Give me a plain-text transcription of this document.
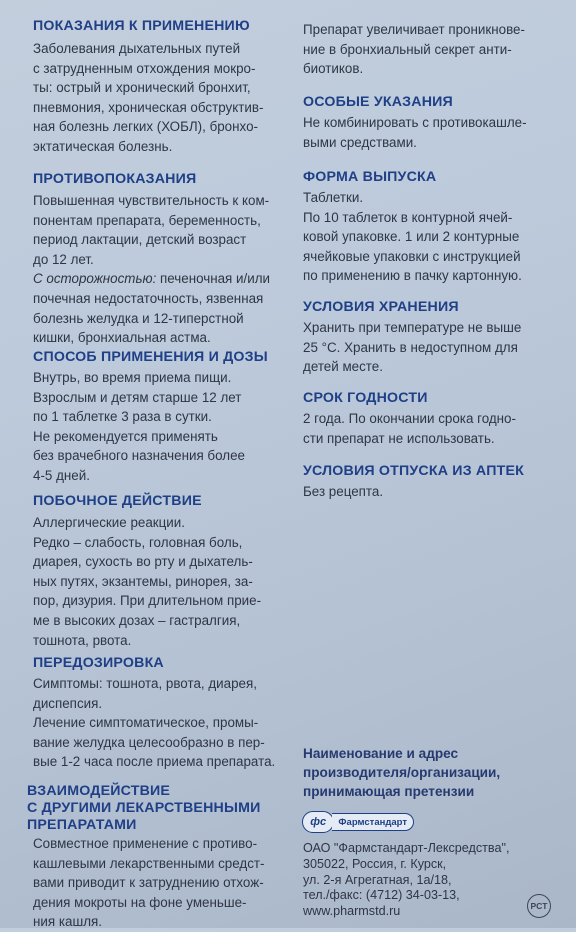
ПОКАЗАНИЯ К ПРИМЕНЕНИЮ

Заболевания дыхательных путей

с затрудненным отхождения мокро-

ты: острый и хронический бронхит,

пневмония, хроническая обструктив-

ная болезнь легких (ХОБЛ), бронхо-

эктатическая болезнь.

ПРОТИВОПОКАЗАНИЯ

Повышенная чувствительность к ком-

понентам препарата, беременность,

период лактации, детский возраст

до 12 лет.

С осторожностью: печеночная и/или

почечная недостаточность, язвенная

болезнь желудка и 12-типерстной

кишки, бронхиальная астма.

СПОСОБ ПРИМЕНЕНИЯ И ДОЗЫ

Внутрь, во время приема пищи.

Взрослым и детям старше 12 лет

по 1 таблетке 3 раза в сутки.

Не рекомендуется применять

без врачебного назначения более

4-5 дней.

ПОБОЧНОЕ ДЕЙСТВИЕ

Аллергические реакции.

Редко – слабость, головная боль,

диарея, сухость во рту и дыхатель-

ных путях, экзантемы, ринорея, за-

пор, дизурия. При длительном прие-

ме в высоких дозах – гастралгия,

тошнота, рвота.

ПЕРЕДОЗИРОВКА

Симптомы: тошнота, рвота, диарея,

диспепсия.

Лечение симптоматическое, промы-

вание желудка целесообразно в пер-

вые 1-2 часа после приема препарата.

ВЗАИМОДЕЙСТВИЕ
С ДРУГИМИ ЛЕКАРСТВЕННЫМИ
ПРЕПАРАТАМИ

Совместное применение с противо-

кашлевыми лекарственными средст-

вами приводит к затруднению отхож-

дения мокроты на фоне уменьше-

ния кашля.

Препарат увеличивает проникнове-

ние в бронхиальный секрет анти-

биотиков.

ОСОБЫЕ УКАЗАНИЯ

Не комбинировать с противокашле-

выми средствами.

ФОРМА ВЫПУСКА

Таблетки.

По 10 таблеток в контурной ячей-

ковой упаковке. 1 или 2 контурные

ячейковые упаковки с инструкцией

по применению в пачку картонную.

УСЛОВИЯ ХРАНЕНИЯ

Хранить при температуре не выше

25 °С. Хранить в недоступном для

детей месте.

СРОК ГОДНОСТИ

2 года. По окончании срока годно-

сти препарат не использовать.

УСЛОВИЯ ОТПУСКА ИЗ АПТЕК

Без рецепта.

Наименование и адрес
производителя/организации,
принимающая претензии
фс	Фармстандарт
ОАО "Фармстандарт-Лексредства",
305022, Россия, г. Курск,
ул. 2-я Агрегатная, 1а/18,
тел./факс: (4712) 34-03-13,
www.pharmstd.ru	PCT
